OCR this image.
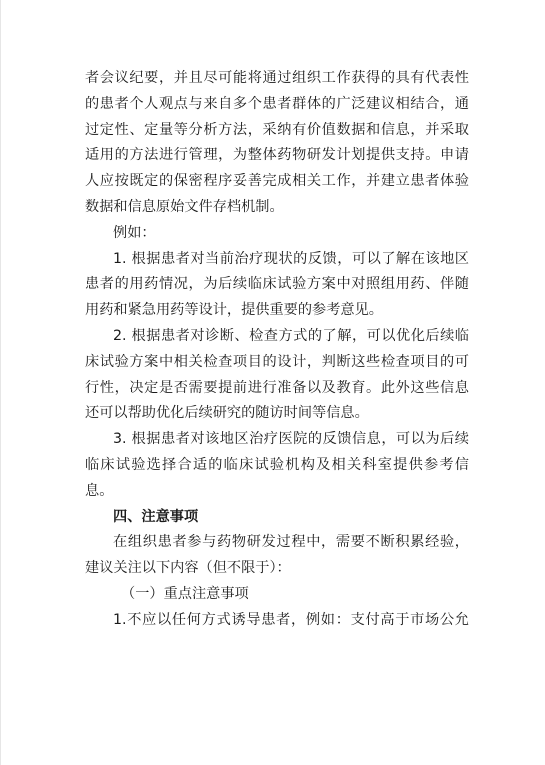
者会议纪要，并且尽可能将通过组织工作获得的具有代表性
的患者个人观点与来自多个患者群体的广泛建议相结合，通
过定性、定量等分析方法，采纳有价值数据和信息，并采取
适用的方法进行管理，为整体药物研发计划提供支持。申请
人应按既定的保密程序妥善完成相关工作，并建立患者体验
数据和信息原始文件存档机制。
例如：
1. 根据患者对当前治疗现状的反馈，可以了解在该地区
患者的用药情况，为后续临床试验方案中对照组用药、伴随
用药和紧急用药等设计，提供重要的参考意见。
2. 根据患者对诊断、检查方式的了解，可以优化后续临
床试验方案中相关检查项目的设计，判断这些检查项目的可
行性，决定是否需要提前进行准备以及教育。此外这些信息
还可以帮助优化后续研究的随访时间等信息。
3. 根据患者对该地区治疗医院的反馈信息，可以为后续
临床试验选择合适的临床试验机构及相关科室提供参考信
息。
四、注意事项
在组织患者参与药物研发过程中，需要不断积累经验，
建议关注以下内容（但不限于）：
（一）重点注意事项
1.不应以任何方式诱导患者，例如：支付高于市场公允
